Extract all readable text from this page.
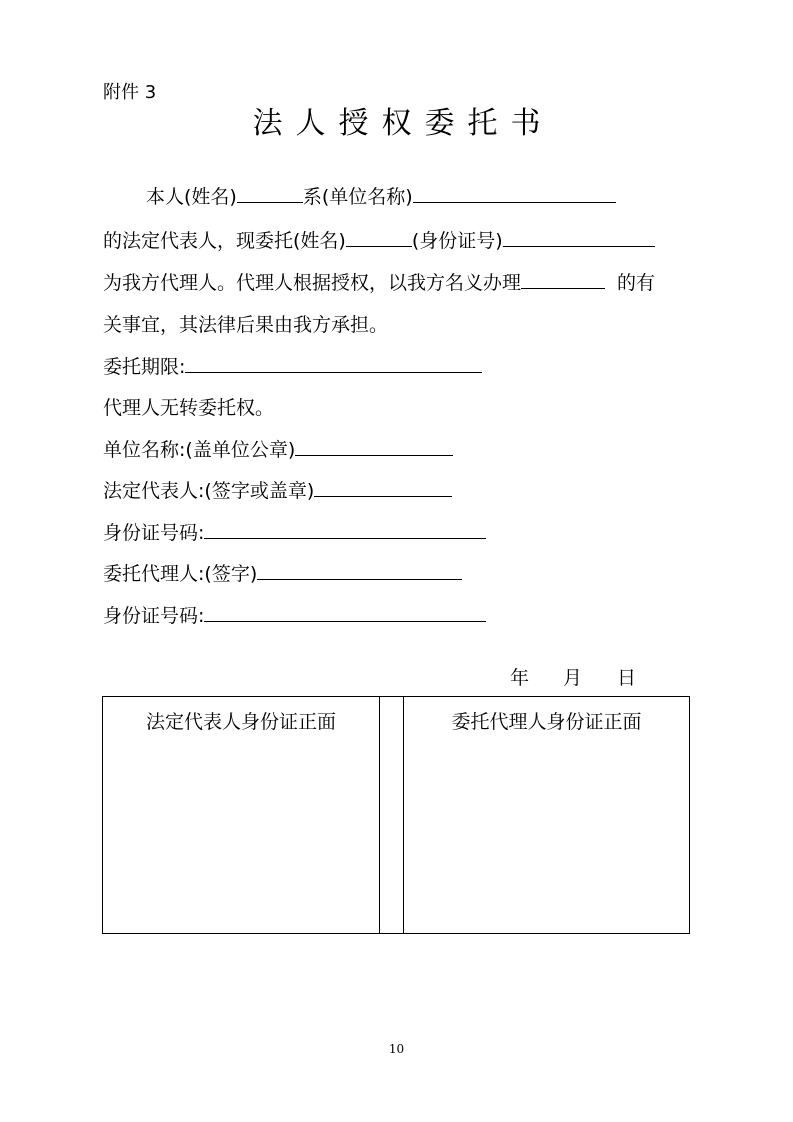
附件 3
法人授权委托书
本人(姓名)	系(单位名称)
的法定代表人，现委托(姓名)	(身份证号)
为我方代理人。代理人根据授权，以我方名义办理	的有
关事宜，其法律后果由我方承担。
委托期限:
代理人无转委托权。
单位名称:(盖单位公章)
法定代表人:(签字或盖章)
身份证号码:
委托代理人:(签字)
身份证号码:
年 月 日
法定代表人身份证正面	委托代理人身份证正面
10
